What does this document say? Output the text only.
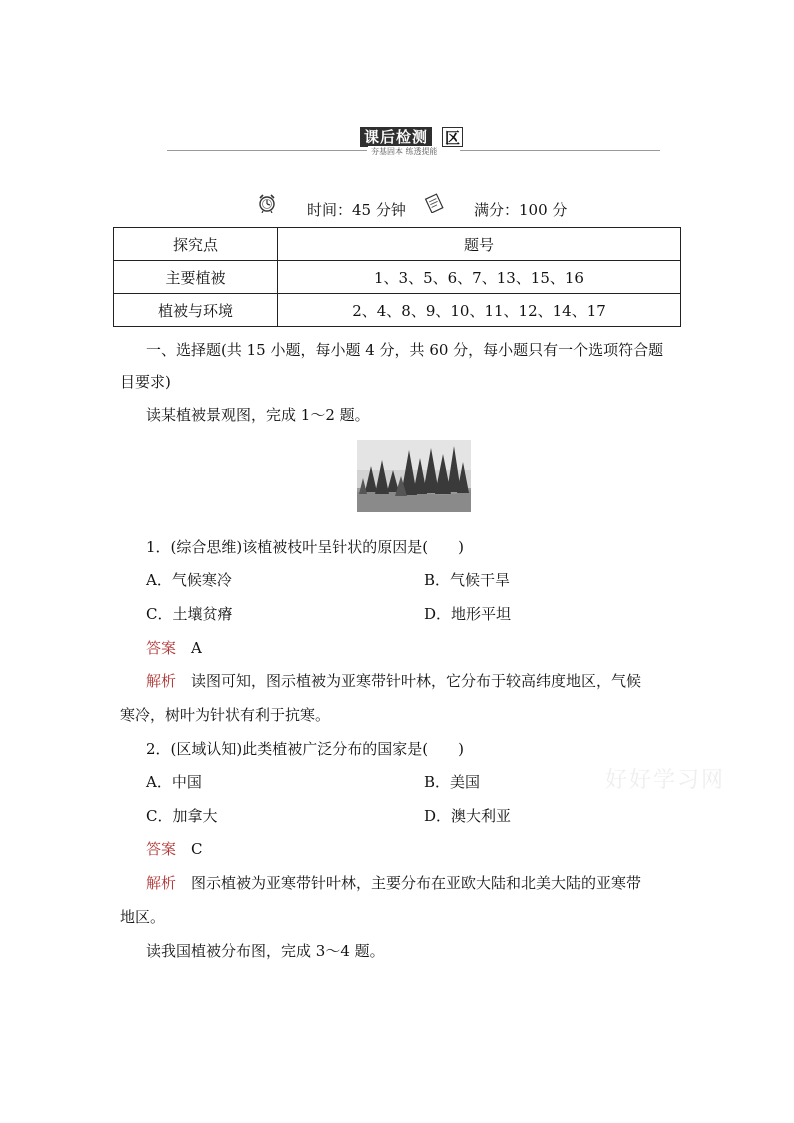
课后检测 区
夯基固本 练透提能
时间：45 分钟	满分：100 分
探究点	题号
主要植被	1、3、5、6、7、13、15、16
植被与环境	2、4、8、9、10、11、12、14、17
一、选择题(共 15 小题，每小题 4 分，共 60 分，每小题只有一个选项符合题
目要求)
读某植被景观图，完成 1～2 题。
1．(综合思维)该植被枝叶呈针状的原因是(　　)
A．气候寒冷	B．气候干旱
C．土壤贫瘠	D．地形平坦
答案  A
解析  读图可知，图示植被为亚寒带针叶林，它分布于较高纬度地区，气候
寒冷，树叶为针状有利于抗寒。
2．(区域认知)此类植被广泛分布的国家是(　　)
A．中国	B．美国
C．加拿大	D．澳大利亚
答案  C
解析  图示植被为亚寒带针叶林，主要分布在亚欧大陆和北美大陆的亚寒带
地区。
读我国植被分布图，完成 3～4 题。
好好学习网
